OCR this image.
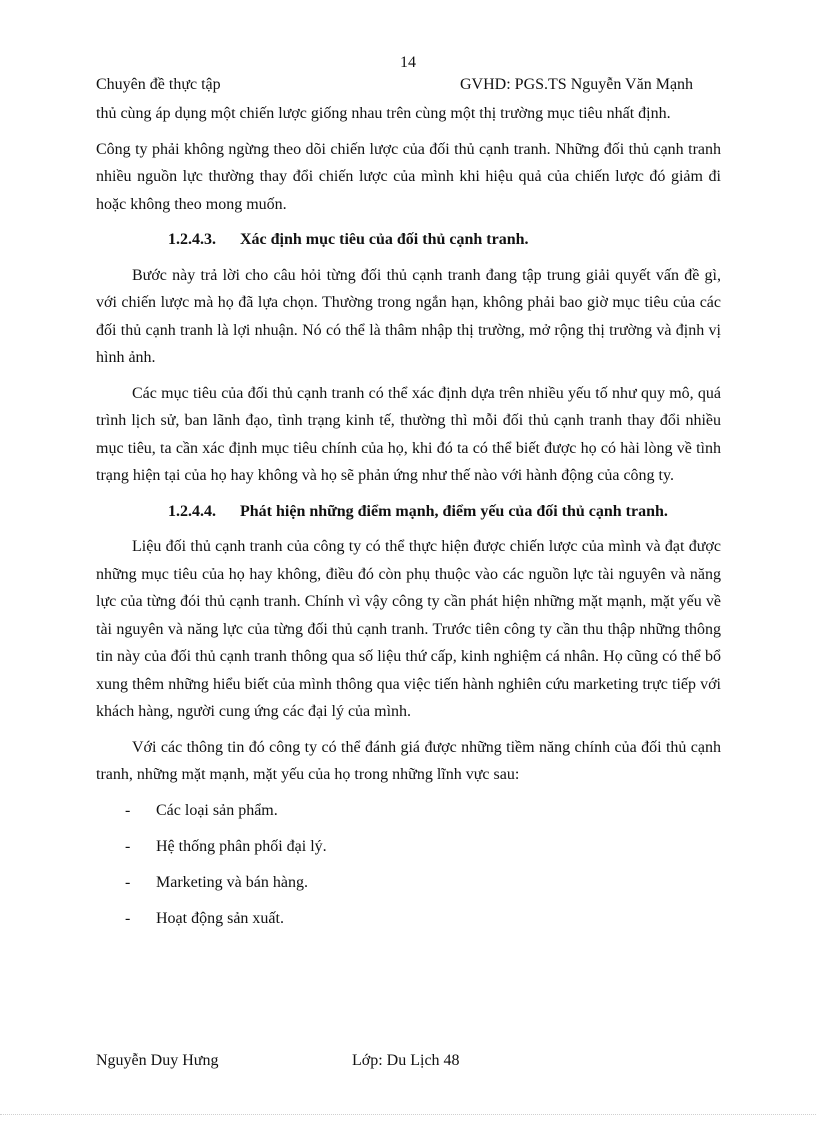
14
Chuyên đề thực tập	GVHD: PGS.TS Nguyễn Văn Mạnh

thủ cùng áp dụng một chiến lược giống nhau trên cùng một thị trường mục tiêu nhất định.

Công ty phải không ngừng theo dõi chiến lược của đối thủ cạnh tranh. Những đối thủ cạnh tranh nhiều nguồn lực thường thay đổi chiến lược của mình khi hiệu quả của chiến lược đó giảm đi hoặc không theo mong muốn.

1.2.4.3. Xác định mục tiêu của đối thủ cạnh tranh.

Bước này trả lời cho câu hỏi từng đối thủ cạnh tranh đang tập trung giải quyết vấn đề gì, với chiến lược mà họ đã lựa chọn. Thường trong ngắn hạn, không phải bao giờ mục tiêu của các đối thủ cạnh tranh là lợi nhuận. Nó có thể là thâm nhập thị trường, mở rộng thị trường và định vị hình ảnh.

Các mục tiêu của đối thủ cạnh tranh có thể xác định dựa trên nhiều yếu tố như quy mô, quá trình lịch sử, ban lãnh đạo, tình trạng kinh tế, thường thì mỗi đối thủ cạnh tranh thay đổi nhiều mục tiêu, ta cần xác định mục tiêu chính của họ, khi đó ta có thể biết được họ có hài lòng về tình trạng hiện tại của họ hay không và họ sẽ phản ứng như thế nào với hành động của công ty.

1.2.4.4. Phát hiện những điểm mạnh, điểm yếu của đối thủ cạnh tranh.

Liệu đối thủ cạnh tranh của công ty có thể thực hiện được chiến lược của mình và đạt được những mục tiêu của họ hay không, điều đó còn phụ thuộc vào các nguồn lực tài nguyên và năng lực của từng đói thủ cạnh tranh. Chính vì vậy công ty cần phát hiện những mặt mạnh, mặt yếu về tài nguyên và năng lực của từng đối thủ cạnh tranh. Trước tiên công ty cần thu thập những thông tin này của đối thủ cạnh tranh thông qua số liệu thứ cấp, kinh nghiệm cá nhân. Họ cũng có thể bổ xung thêm những hiểu biết của mình thông qua việc tiến hành nghiên cứu marketing trực tiếp với khách hàng, người cung ứng các đại lý của mình.

Với các thông tin đó công ty có thể đánh giá được những tiềm năng chính của đối thủ cạnh tranh, những mặt mạnh, mặt yếu của họ trong những lĩnh vực sau:

- Các loại sản phẩm.
- Hệ thống phân phối đại lý.
- Marketing và bán hàng.
- Hoạt động sản xuất.
Nguyễn Duy Hưng	Lớp: Du Lịch 48
